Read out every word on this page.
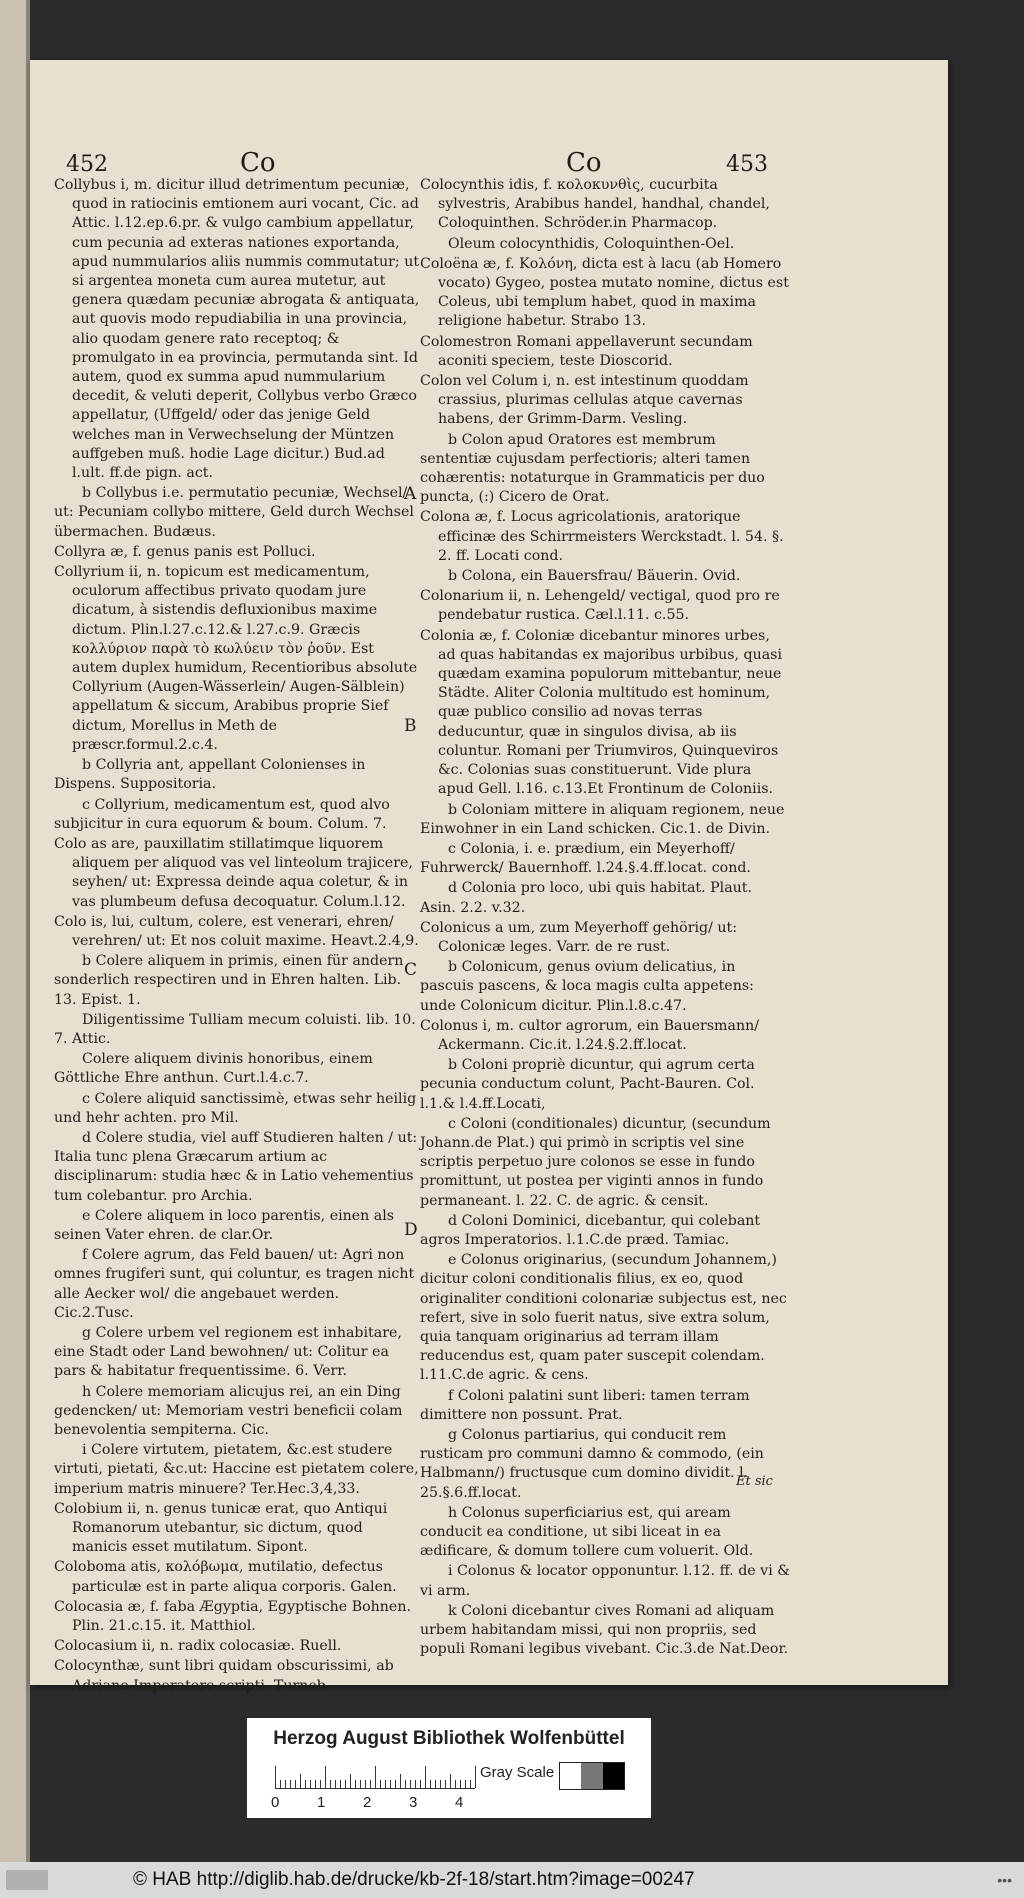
452	Co	Co	453

Collybus i, m. dicitur illud detrimentum pecuniæ, quod in ratiocinis emtionem auri vocant, Cic. ad Attic. l.12.ep.6.pr. & vulgo cambium appellatur, cum pecunia ad exteras nationes exportanda, apud nummularios aliis nummis commutatur; ut si argentea moneta cum aurea mutetur, aut genera quædam pecuniæ abrogata & antiquata, aut quovis modo repudiabilia in una provincia, alio quodam genere rato receptoq; & promulgato in ea provincia, permutanda sint. Id autem, quod ex summa apud nummularium decedit, & veluti deperit, Collybus verbo Græco appellatur, (Uffgeld/ oder das jenige Geld welches man in Verwechselung der Müntzen auffgeben muß. hodie Lage dicitur.) Bud.ad l.ult. ff.de pign. act.

b Collybus i.e. permutatio pecuniæ, Wechsel/ ut: Pecuniam collybo mittere, Geld durch Wechsel übermachen. Budæus.

Collyra æ, f. genus panis est Polluci.

Collyrium ii, n. topicum est medicamentum, oculorum affectibus privato quodam jure dicatum, à sistendis defluxionibus maxime dictum. Plin.l.27.c.12.& l.27.c.9. Græcis κολλύριον παρὰ τὸ κωλύειν τὸν ῥοῦν. Est autem duplex humidum, Recentioribus absolute Collyrium (Augen-Wässerlein/ Augen-Sälblein) appellatum & siccum, Arabibus proprie Sief dictum, Morellus in Meth de præscr.formul.2.c.4.

b Collyria ant, appellant Colonienses in Dispens. Suppositoria.

c Collyrium, medicamentum est, quod alvo subjicitur in cura equorum & boum. Colum. 7.

Colo as are, pauxillatim stillatimque liquorem aliquem per aliquod vas vel linteolum trajicere, seyhen/ ut: Expressa deinde aqua coletur, & in vas plumbeum defusa decoquatur. Colum.l.12.

Colo is, lui, cultum, colere, est venerari, ehren/ verehren/ ut: Et nos coluit maxime. Heavt.2.4,9.

b Colere aliquem in primis, einen für andern sonderlich respectiren und in Ehren halten. Lib. 13. Epist. 1.

Diligentissime Tulliam mecum coluisti. lib. 10. 7. Attic.

Colere aliquem divinis honoribus, einem Göttliche Ehre anthun. Curt.l.4.c.7.

c Colere aliquid sanctissimè, etwas sehr heilig und hehr achten. pro Mil.

d Colere studia, viel auff Studieren halten / ut: Italia tunc plena Græcarum artium ac disciplinarum: studia hæc & in Latio vehementius tum colebantur. pro Archia.

e Colere aliquem in loco parentis, einen als seinen Vater ehren. de clar.Or.

f Colere agrum, das Feld bauen/ ut: Agri non omnes frugiferi sunt, qui coluntur, es tragen nicht alle Aecker wol/ die angebauet werden. Cic.2.Tusc.

g Colere urbem vel regionem est inhabitare, eine Stadt oder Land bewohnen/ ut: Colitur ea pars & habitatur frequentissime. 6. Verr.

h Colere memoriam alicujus rei, an ein Ding gedencken/ ut: Memoriam vestri beneficii colam benevolentia sempiterna. Cic.

i Colere virtutem, pietatem, &c.est studere virtuti, pietati, &c.ut: Haccine est pietatem colere, imperium matris minuere? Ter.Hec.3,4,33.

Colobium ii, n. genus tunicæ erat, quo Antiqui Romanorum utebantur, sic dictum, quod manicis esset mutilatum. Sipont.

Coloboma atis, κολόβωμα, mutilatio, defectus particulæ est in parte aliqua corporis. Galen.

Colocasia æ, f. faba Ægyptia, Egyptische Bohnen. Plin. 21.c.15. it. Matthiol.

Colocasium ii, n. radix colocasiæ. Ruell.

Colocynthæ, sunt libri quidam obscurissimi, ab Adriano Imperatore scripti. Turneb.

Colocynthis idis, f. κολοκυνθὶς, cucurbita sylvestris, Arabibus handel, handhal, chandel, Coloquinthen. Schröder.in Pharmacop.

Oleum colocynthidis, Coloquinthen-Oel.

Coloëna æ, f. Κολόνη, dicta est à lacu (ab Homero vocato) Gygeo, postea mutato nomine, dictus est Coleus, ubi templum habet, quod in maxima religione habetur. Strabo 13.

Colomestron Romani appellaverunt secundam aconiti speciem, teste Dioscorid.

Colon vel Colum i, n. est intestinum quoddam crassius, plurimas cellulas atque cavernas habens, der Grimm-Darm. Vesling.

b Colon apud Oratores est membrum sententiæ cujusdam perfectioris; alteri tamen cohærentis: notaturque in Grammaticis per duo puncta, (:) Cicero de Orat.

Colona æ, f. Locus agricolationis, aratorique efficinæ des Schirrmeisters Werckstadt. l. 54. §. 2. ff. Locati cond.

b Colona, ein Bauersfrau/ Bäuerin. Ovid.

Colonarium ii, n. Lehengeld/ vectigal, quod pro re pendebatur rustica. Cæl.l.11. c.55.

Colonia æ, f. Coloniæ dicebantur minores urbes, ad quas habitandas ex majoribus urbibus, quasi quædam examina populorum mittebantur, neue Städte. Aliter Colonia multitudo est hominum, quæ publico consilio ad novas terras deducuntur, quæ in singulos divisa, ab iis coluntur. Romani per Triumviros, Quinqueviros &c. Colonias suas constituerunt. Vide plura apud Gell. l.16. c.13.Et Frontinum de Coloniis.

b Coloniam mittere in aliquam regionem, neue Einwohner in ein Land schicken. Cic.1. de Divin.

c Colonia, i. e. prædium, ein Meyerhoff/ Fuhrwerck/ Bauernhoff. l.24.§.4.ff.locat. cond.

d Colonia pro loco, ubi quis habitat. Plaut. Asin. 2.2. v.32.

Colonicus a um, zum Meyerhoff gehörig/ ut: Colonicæ leges. Varr. de re rust.

b Colonicum, genus ovium delicatius, in pascuis pascens, & loca magis culta appetens: unde Colonicum dicitur. Plin.l.8.c.47.

Colonus i, m. cultor agrorum, ein Bauersmann/ Ackermann. Cic.it. l.24.§.2.ff.locat.

b Coloni propriè dicuntur, qui agrum certa pecunia conductum colunt, Pacht-Bauren. Col. l.1.& l.4.ff.Locati,

c Coloni (conditionales) dicuntur, (secundum Johann.de Plat.) qui primò in scriptis vel sine scriptis perpetuo jure colonos se esse in fundo promittunt, ut postea per viginti annos in fundo permaneant. l. 22. C. de agric. & censit.

d Coloni Dominici, dicebantur, qui colebant agros Imperatorios. l.1.C.de præd. Tamiac.

e Colonus originarius, (secundum Johannem,) dicitur coloni conditionalis filius, ex eo, quod originaliter conditioni colonariæ subjectus est, nec refert, sive in solo fuerit natus, sive extra solum, quia tanquam originarius ad terram illam reducendus est, quam pater suscepit colendam. l.11.C.de agric. & cens.

f Coloni palatini sunt liberi: tamen terram dimittere non possunt. Prat.

g Colonus partiarius, qui conducit rem rusticam pro communi damno & commodo, (ein Halbmann/) fructusque cum domino dividit. l. 25.§.6.ff.locat.

h Colonus superficiarius est, qui aream conducit ea conditione, ut sibi liceat in ea ædificare, & domum tollere cum voluerit. Old.

i Colonus & locator opponuntur. l.12. ff. de vi & vi arm.

k Coloni dicebantur cives Romani ad aliquam urbem habitandam missi, qui non propriis, sed populi Romani legibus vivebant. Cic.3.de Nat.Deor.

A
B
C
D
Et sic
Herzog August Bibliothek Wolfenbüttel
0	1	2	3	4
Gray Scale
© HAB http://diglib.hab.de/drucke/kb-2f-18/start.htm?image=00247	•••
